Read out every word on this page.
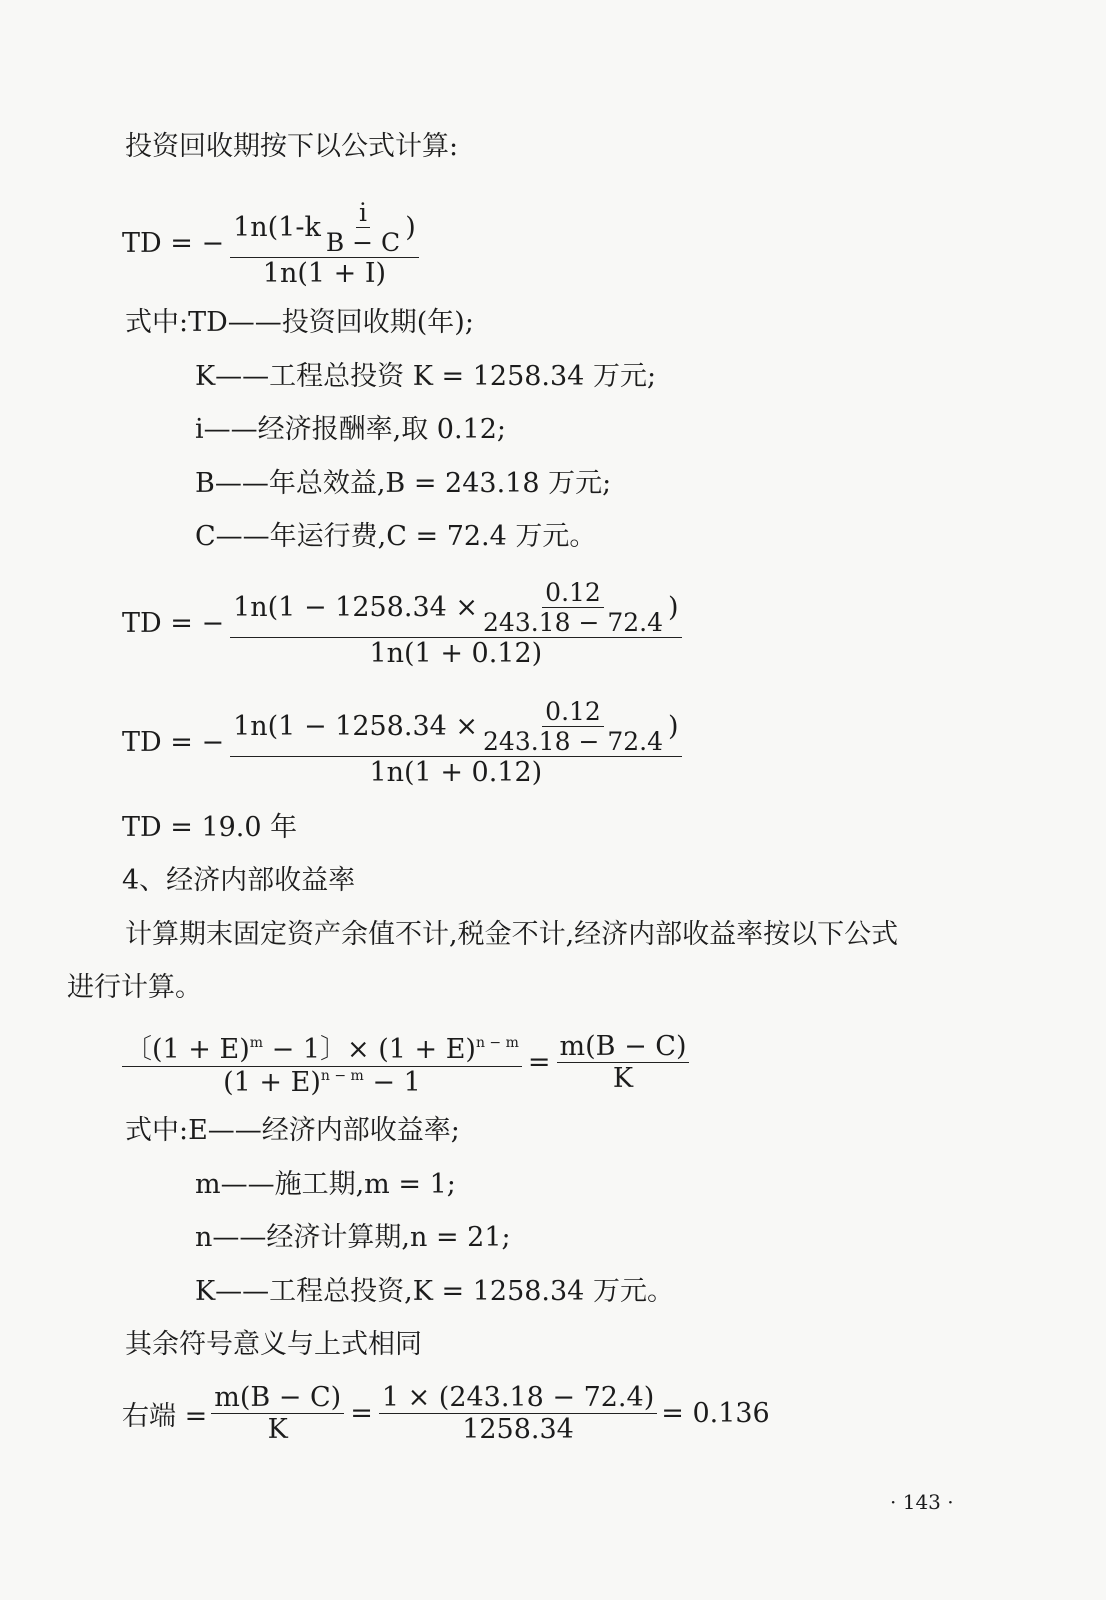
投资回收期按下以公式计算:
TD = −
$1n(1-k \frac{i}{B - C}$ )
1n(1 + I)
式中:TD——投资回收期(年);
K——工程总投资 K = 1258.34 万元;
i——经济报酬率,取 0.12;
B——年总效益,B = 243.18 万元;
C——年运行费,C = 72.4 万元。
TD = −
$1n(1 - 1258.34 \times \frac{0.12}{243.18 - 72.4}$ )
1n(1 + 0.12)
TD = −
$1n(1 - 1258.34 \times \frac{0.12}{243.18 - 72.4}$ )
1n(1 + 0.12)
TD = 19.0 年
4、经济内部收益率
计算期末固定资产余值不计,税金不计,经济内部收益率按以下公式
进行计算。
$\frac{〔(1 + E)^m - 1〕\times (1 + E)^{n - m}}{(1 + E)^{n - m} - 1} = \frac{m(B - C)}{K}$
式中:E——经济内部收益率;
m——施工期,m = 1;
n——经济计算期,n = 21;
K——工程总投资,K = 1258.34 万元。
其余符号意义与上式相同
右端 = $\frac{m(B - C)}{K} = \frac{1 \times (243.18 - 72.4)}{1258.34} = 0.136$
· 143 ·
